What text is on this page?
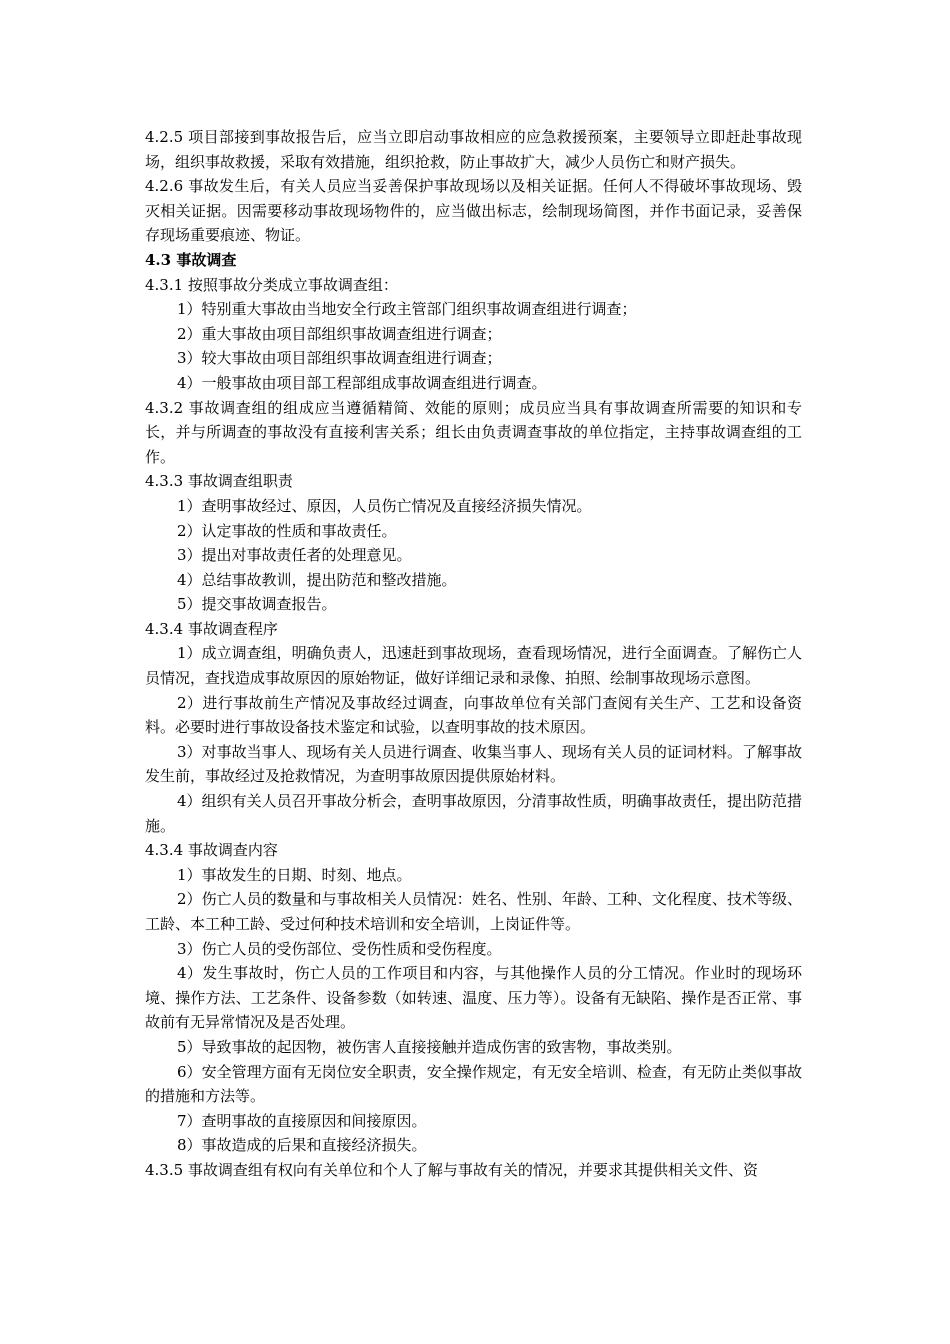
4.2.5 项目部接到事故报告后，应当立即启动事故相应的应急救援预案，主要领导立即赶赴事故现场，组织事故救援，采取有效措施，组织抢救，防止事故扩大，减少人员伤亡和财产损失。

4.2.6 事故发生后，有关人员应当妥善保护事故现场以及相关证据。任何人不得破坏事故现场、毁灭相关证据。因需要移动事故现场物件的，应当做出标志，绘制现场简图，并作书面记录，妥善保存现场重要痕迹、物证。

4.3 事故调查

4.3.1 按照事故分类成立事故调查组：

1）特别重大事故由当地安全行政主管部门组织事故调查组进行调查；

2）重大事故由项目部组织事故调查组进行调查；

3）较大事故由项目部组织事故调查组进行调查；

4）一般事故由项目部工程部组成事故调查组进行调查。

4.3.2 事故调查组的组成应当遵循精简、效能的原则；成员应当具有事故调查所需要的知识和专长，并与所调查的事故没有直接利害关系；组长由负责调查事故的单位指定，主持事故调查组的工作。

4.3.3 事故调查组职责

1）查明事故经过、原因，人员伤亡情况及直接经济损失情况。

2）认定事故的性质和事故责任。

3）提出对事故责任者的处理意见。

4）总结事故教训，提出防范和整改措施。

5）提交事故调查报告。

4.3.4 事故调查程序

1）成立调查组，明确负责人，迅速赶到事故现场，查看现场情况，进行全面调查。了解伤亡人员情况，查找造成事故原因的原始物证，做好详细记录和录像、拍照、绘制事故现场示意图。

2）进行事故前生产情况及事故经过调查，向事故单位有关部门查阅有关生产、工艺和设备资料。必要时进行事故设备技术鉴定和试验，以查明事故的技术原因。

3）对事故当事人、现场有关人员进行调查、收集当事人、现场有关人员的证词材料。了解事故发生前，事故经过及抢救情况，为查明事故原因提供原始材料。

4）组织有关人员召开事故分析会，查明事故原因，分清事故性质，明确事故责任，提出防范措施。

4.3.4 事故调查内容

1）事故发生的日期、时刻、地点。

2）伤亡人员的数量和与事故相关人员情况：姓名、性别、年龄、工种、文化程度、技术等级、工龄、本工种工龄、受过何种技术培训和安全培训，上岗证件等。

3）伤亡人员的受伤部位、受伤性质和受伤程度。

4）发生事故时，伤亡人员的工作项目和内容，与其他操作人员的分工情况。作业时的现场环境、操作方法、工艺条件、设备参数（如转速、温度、压力等）。设备有无缺陷、操作是否正常、事故前有无异常情况及是否处理。

5）导致事故的起因物，被伤害人直接接触并造成伤害的致害物，事故类别。

6）安全管理方面有无岗位安全职责，安全操作规定，有无安全培训、检查，有无防止类似事故的措施和方法等。

7）查明事故的直接原因和间接原因。

8）事故造成的后果和直接经济损失。

4.3.5 事故调查组有权向有关单位和个人了解与事故有关的情况，并要求其提供相关文件、资
